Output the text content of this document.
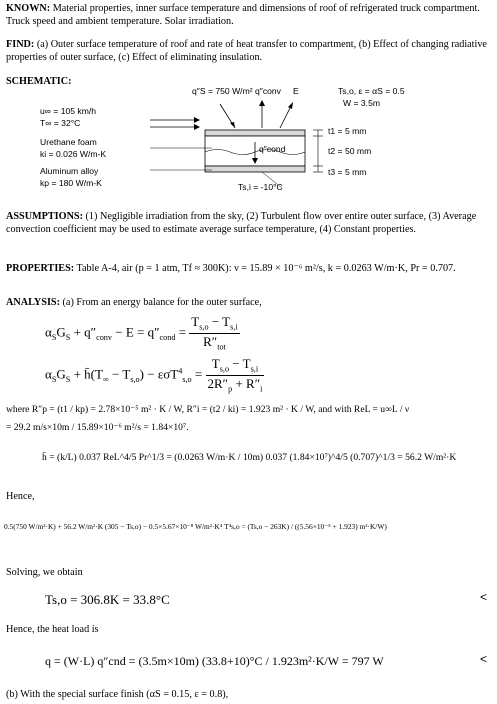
KNOWN: Material properties, inner surface temperature and dimensions of roof of refrigerated truck compartment. Truck speed and ambient temperature. Solar irradiation.
FIND: (a) Outer surface temperature of roof and rate of heat transfer to compartment, (b) Effect of changing radiative properties of outer surface, (c) Effect of eliminating insulation.
SCHEMATIC:
q″S = 750 W/m² q″conv E	Ts,o, ε = αS = 0.5
W = 3.5m
u∞ = 105 km/h
T∞ = 32°C
Urethane foam
ki = 0.026 W/m-K	q″cond
Aluminum alloy
kp = 180 W/m-K	Ts,i = -10°C
t1 = 5 mm
t2 = 50 mm
t3 = 5 mm
ASSUMPTIONS: (1) Negligible irradiation from the sky, (2) Turbulent flow over entire outer surface, (3) Average convection coefficient may be used to estimate average surface temperature, (4) Constant properties.
PROPERTIES: Table A-4, air (p = 1 atm, Tf ≈ 300K): ν = 15.89 × 10⁻⁶ m²/s, k = 0.0263 W/m·K, Pr = 0.707.
ANALYSIS: (a) From an energy balance for the outer surface,
$\alpha_SG_S + q''_{conv} - E = q''_{cond} = \frac{T_{s,o} - T_{s,i}}{R''_{tot}}$
$\alpha_SG_S$ + $h̄(T_\infty - T_{s,o}) - \varepsilon\sigma T^4_{s,o} = \frac{T_{s,o} - T_{s,i}}{2R''_p + R''_i}$
where R″p = (t1 / kp) = 2.78×10⁻⁵ m² · K / W, R″i = (t2 / ki) = 1.923 m² · K / W, and with ReL = u∞L / ν
= 29.2 m/s×10m / 15.89×10⁻⁶ m²/s = 1.84×10⁷.
h̄ = (k/L) 0.037 ReL^4/5 Pr^1/3 = (0.0263 W/m·K / 10m) 0.037 (1.84×10⁷)^4/5 (0.707)^1/3 = 56.2 W/m²·K
Hence,
0.5(750 W/m²·K) + 56.2 W/m²·K (305 − Ts,o) − 0.5×5.67×10⁻⁸ W/m²·K⁴ T⁴s,o = (Ts,o − 263K) / ((5.56×10⁻⁵ + 1.923) m²·K/W)
Solving, we obtain
Ts,o = 306.8K = 33.8°C	<
Hence, the heat load is
q = (W·L) q″cnd = (3.5m×10m) (33.8+10)°C / 1.923m²·K/W = 797 W	<
(b) With the special surface finish (αS = 0.15, ε = 0.8),
